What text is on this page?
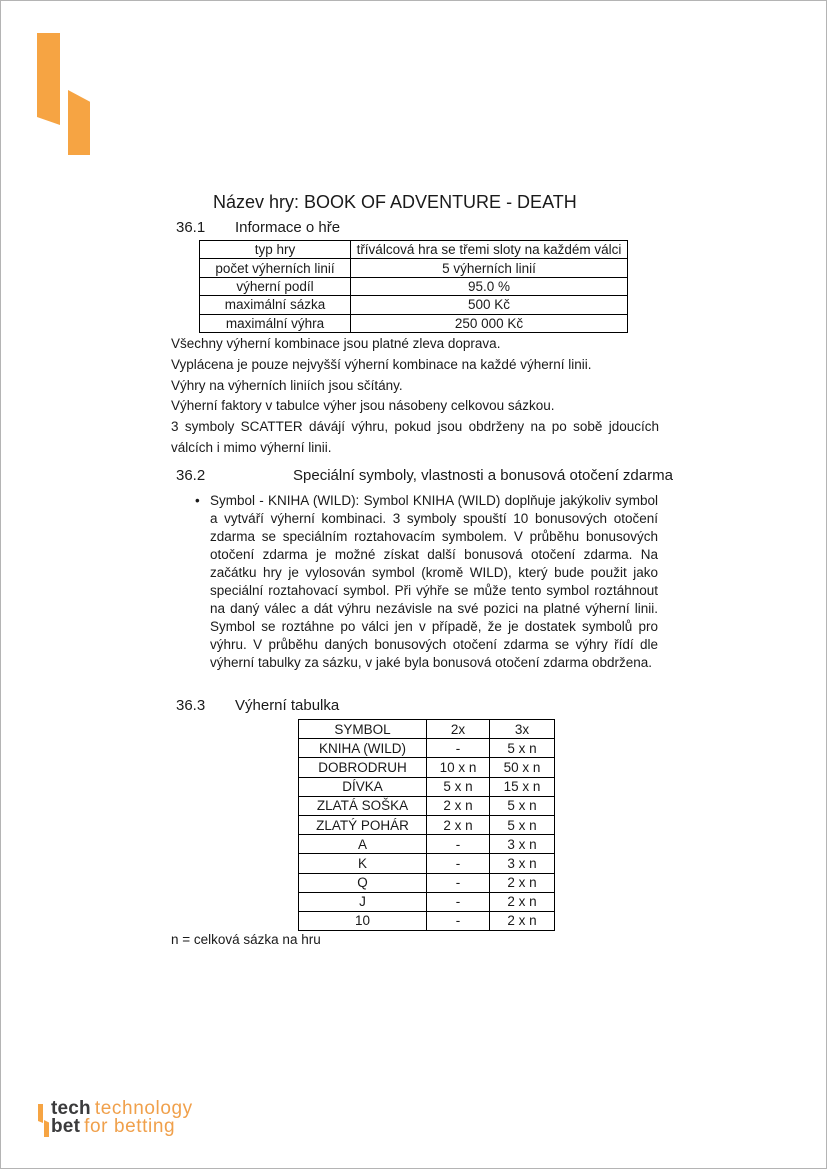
Název hry: BOOK OF ADVENTURE - DEATH
36.1 Informace o hře
typ hry	tříválcová hra se třemi sloty na každém válci
počet výherních linií	5 výherních linií
výherní podíl	95.0 %
maximální sázka	500 Kč
maximální výhra	250 000 Kč

Všechny výherní kombinace jsou platné zleva doprava.

Vyplácena je pouze nejvyšší výherní kombinace na každé výherní linii.

Výhry na výherních liniích jsou sčítány.

Výherní faktory v tabulce výher jsou násobeny celkovou sázkou.

3 symboly SCATTER dávájí výhru, pokud jsou obdrženy na po sobě jdoucích válcích i mimo výherní linii.

36.2	Speciální symboly, vlastnosti a bonusová otočení zdarma
• Symbol - KNIHA (WILD): Symbol KNIHA (WILD) doplňuje jakýkoliv symbol a vytváří výherní kombinaci. 3 symboly spouští 10 bonusových otočení zdarma se speciálním roztahovacím symbolem. V průběhu bonusových otočení zdarma je možné získat další bonusová otočení zdarma. Na začátku hry je vylosován symbol (kromě WILD), který bude použit jako speciální roztahovací symbol. Při výhře se může tento symbol roztáhnout na daný válec a dát výhru nezávisle na své pozici na platné výherní linii. Symbol se roztáhne po válci jen v případě, že je dostatek symbolů pro výhru. V průběhu daných bonusových otočení zdarma se výhry řídí dle výherní tabulky za sázku, v jaké byla bonusová otočení zdarma obdržena.

36.3 Výherní tabulka
SYMBOL	2x	3x
KNIHA (WILD)	-	5 x n
DOBRODRUH	10 x n	50 x n
DÍVKA	5 x n	15 x n
ZLATÁ SOŠKA	2 x n	5 x n
ZLATÝ POHÁR	2 x n	5 x n
A	-	3 x n
K	-	3 x n
Q	-	2 x n
J	-	2 x n
10	-	2 x n
n = celková sázka na hru
tech technology
bet for betting
